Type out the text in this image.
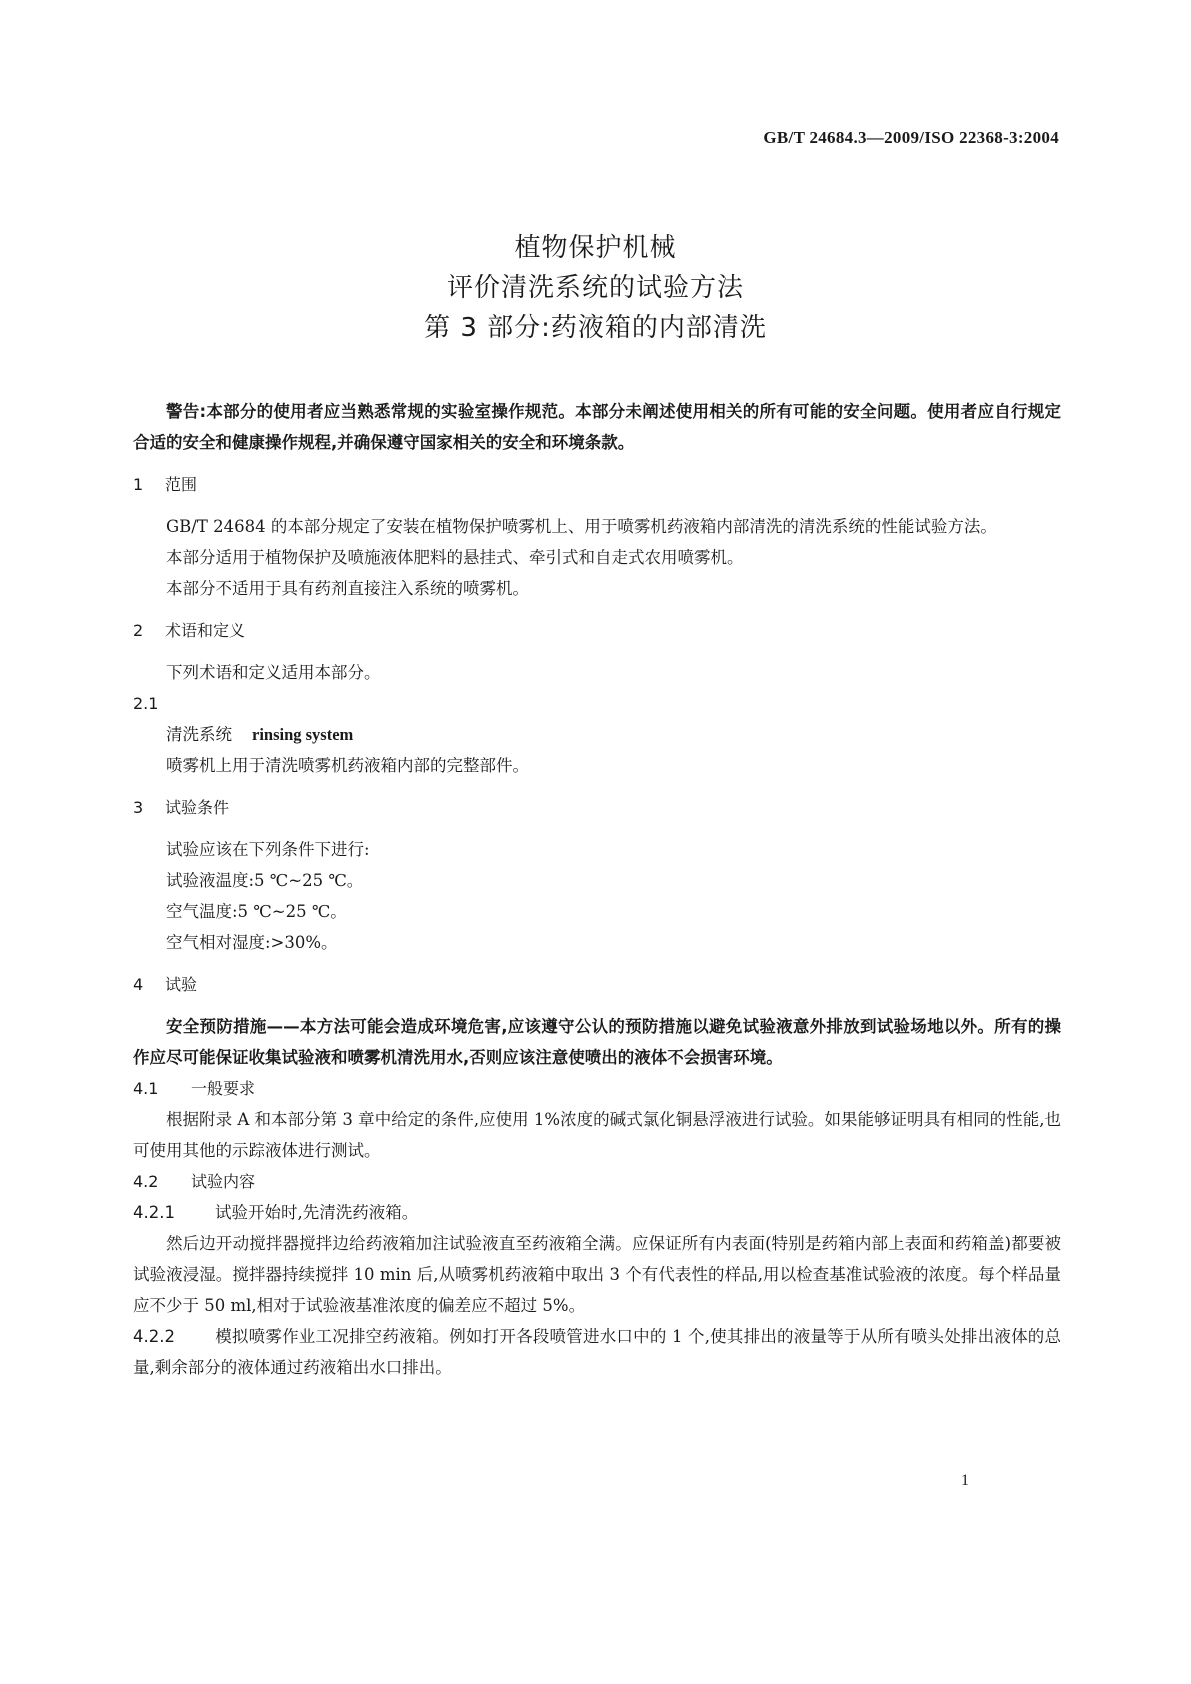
GB/T 24684.3—2009/ISO 22368-3:2004
植物保护机械
评价清洗系统的试验方法
第 3 部分:药液箱的内部清洗

警告:本部分的使用者应当熟悉常规的实验室操作规范。本部分未阐述使用相关的所有可能的安全问题。使用者应自行规定合适的安全和健康操作规程,并确保遵守国家相关的安全和环境条款。

1 范围

GB/T 24684 的本部分规定了安装在植物保护喷雾机上、用于喷雾机药液箱内部清洗的清洗系统的性能试验方法。

本部分适用于植物保护及喷施液体肥料的悬挂式、牵引式和自走式农用喷雾机。

本部分不适用于具有药剂直接注入系统的喷雾机。

2 术语和定义

下列术语和定义适用本部分。

2.1

清洗系统 rinsing system

喷雾机上用于清洗喷雾机药液箱内部的完整部件。

3 试验条件

试验应该在下列条件下进行:

试验液温度:5 ℃~25 ℃。

空气温度:5 ℃~25 ℃。

空气相对湿度:>30%。

4 试验

安全预防措施——本方法可能会造成环境危害,应该遵守公认的预防措施以避免试验液意外排放到试验场地以外。所有的操作应尽可能保证收集试验液和喷雾机清洗用水,否则应该注意使喷出的液体不会损害环境。

4.1 一般要求

根据附录 A 和本部分第 3 章中给定的条件,应使用 1%浓度的碱式氯化铜悬浮液进行试验。如果能够证明具有相同的性能,也可使用其他的示踪液体进行测试。

4.2 试验内容

4.2.1 试验开始时,先清洗药液箱。

然后边开动搅拌器搅拌边给药液箱加注试验液直至药液箱全满。应保证所有内表面(特别是药箱内部上表面和药箱盖)都要被试验液浸湿。搅拌器持续搅拌 10 min 后,从喷雾机药液箱中取出 3 个有代表性的样品,用以检查基准试验液的浓度。每个样品量应不少于 50 ml,相对于试验液基准浓度的偏差应不超过 5%。

4.2.2 模拟喷雾作业工况排空药液箱。例如打开各段喷管进水口中的 1 个,使其排出的液量等于从所有喷头处排出液体的总量,剩余部分的液体通过药液箱出水口排出。

1
